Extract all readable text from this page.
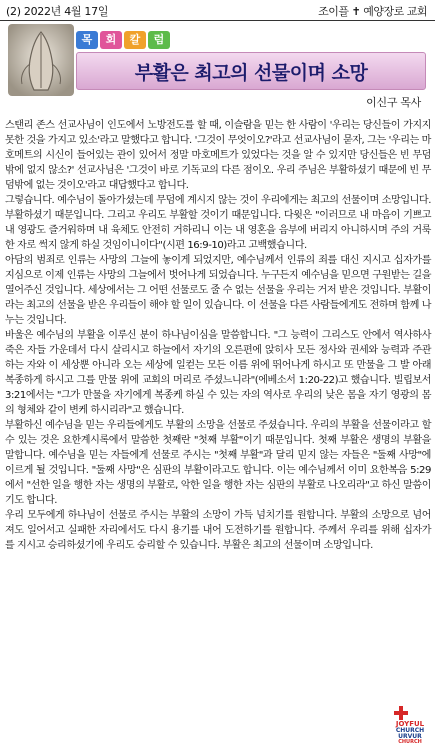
(2) 2022년 4월 17일	조이플 ✝ 예양장로 교회
목 회 칼 럼
부활은 최고의 선물이며 소망
이신구 목사

스탠리 존스 선교사님이 인도에서 노방전도를 할 때, 이슬람을 믿는 한 사람이 '우리는 당신들이 가지지 못한 것을 가지고 있소'라고 말했다고 합니다. '그것이 무엇이오?'라고 선교사님이 묻자, 그는 '우리는 마호메트의 시신이 들어있는 관이 있어서 정말 마호메트가 있었다는 것을 알 수 있지만 당신들은 빈 무덤밖에 없지 않소?' 선교사님은 '그것이 바로 기독교의 다른 점이오. 우리 주님은 부활하셨기 때문에 빈 무덤밖에 없는 것이오'라고 대답했다고 합니다.

그렇습니다. 예수님이 돌아가셨는데 무덤에 계시지 않는 것이 우리에게는 최고의 선물이며 소망입니다. 부활하셨기 때문입니다. 그리고 우리도 부활할 것이기 때문입니다. 다윗은 "이러므로 내 마음이 기쁘고 내 영광도 즐거워하며 내 육체도 안전히 거하리니 이는 내 영혼을 음부에 버리지 아니하시며 주의 거룩한 자로 썩지 않게 하실 것임이니이다"(시편 16:9-10)라고 고백했습니다.

아담의 범죄로 인류는 사망의 그늘에 놓이게 되었지만, 예수님께서 인류의 죄를 대신 지시고 십자가를 지심으로 이제 인류는 사망의 그늘에서 벗어나게 되었습니다. 누구든지 예수님을 믿으면 구원받는 길을 열어주신 것입니다. 세상에서는 그 어떤 선물로도 줄 수 없는 선물을 우리는 거저 받은 것입니다. 부활이라는 최고의 선물을 받은 우리들이 해야 할 일이 있습니다. 이 선물을 다른 사람들에게도 전하며 함께 나누는 것입니다.

바울은 예수님의 부활을 이루신 분이 하나님이심을 말씀합니다. "그 능력이 그리스도 안에서 역사하사 죽은 자들 가운데서 다시 살리시고 하늘에서 자기의 오른편에 앉히사 모든 정사와 권세와 능력과 주관하는 자와 이 세상뿐 아니라 오는 세상에 일컫는 모든 이름 위에 뛰어나게 하시고 또 만물을 그 발 아래 복종하게 하시고 그를 만물 위에 교회의 머리로 주셨느니라"(에베소서 1:20-22)고 했습니다. 빌립보서 3:21에서는 "그가 만물을 자기에게 복종케 하실 수 있는 자의 역사로 우리의 낮은 몸을 자기 영광의 몸의 형체와 같이 변케 하시리라"고 했습니다.

부활하신 예수님을 믿는 우리들에게도 부활의 소망을 선물로 주셨습니다. 우리의 부활을 선물이라고 할 수 있는 것은 요한계시록에서 말씀한 첫째란 "첫째 부활"이기 때문입니다. 첫째 부활은 생명의 부활을 말합니다. 예수님을 믿는 자들에게 선물로 주시는 "첫째 부활"과 달리 믿지 않는 자들은 "둘째 사망"에 이르게 될 것입니다. "둘째 사망"은 심판의 부활이라고도 합니다. 이는 예수님께서 이미 요한복음 5:29에서 "선한 일을 행한 자는 생명의 부활로, 악한 일을 행한 자는 심판의 부활로 나오리라"고 하신 말씀이기도 합니다.

우리 모두에게 하나님이 선물로 주시는 부활의 소망이 가득 넘치기를 원합니다. 부활의 소망으로 넘어져도 일어서고 실패한 자리에서도 다시 용기를 내어 도전하기를 원합니다. 주께서 우리를 위해 십자가를 지시고 승리하셨기에 우리도 승리할 수 있습니다. 부활은 최고의 선물이며 소망입니다.

JOYFUL
CHURCH
URVUR
CHURCH
